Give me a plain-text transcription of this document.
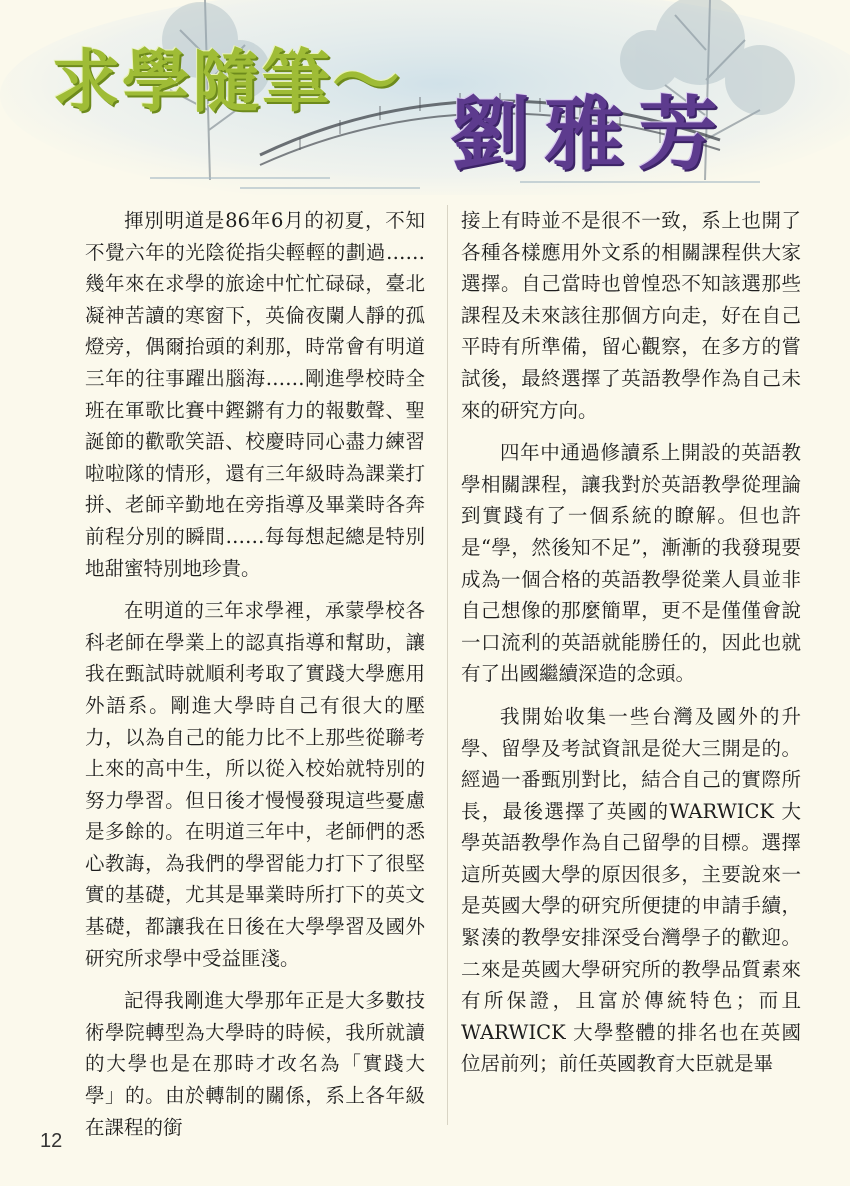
求學隨筆～
劉雅芳

揮別明道是86年6月的初夏，不知不覺六年的光陰從指尖輕輕的劃過……幾年來在求學的旅途中忙忙碌碌，臺北凝神苦讀的寒窗下，英倫夜闌人靜的孤燈旁，偶爾抬頭的剎那，時常會有明道三年的往事躍出腦海……剛進學校時全班在軍歌比賽中鏗鏘有力的報數聲、聖誕節的歡歌笑語、校慶時同心盡力練習啦啦隊的情形，還有三年級時為課業打拼、老師辛勤地在旁指導及畢業時各奔前程分別的瞬間……每每想起總是特別地甜蜜特別地珍貴。

在明道的三年求學裡，承蒙學校各科老師在學業上的認真指導和幫助，讓我在甄試時就順利考取了實踐大學應用外語系。剛進大學時自己有很大的壓力，以為自己的能力比不上那些從聯考上來的高中生，所以從入校始就特別的努力學習。但日後才慢慢發現這些憂慮是多餘的。在明道三年中，老師們的悉心教誨，為我們的學習能力打下了很堅實的基礎，尤其是畢業時所打下的英文基礎，都讓我在日後在大學學習及國外研究所求學中受益匪淺。

記得我剛進大學那年正是大多數技術學院轉型為大學時的時候，我所就讀的大學也是在那時才改名為「實踐大學」的。由於轉制的關係，系上各年級在課程的銜

接上有時並不是很不一致，系上也開了各種各樣應用外文系的相關課程供大家選擇。自己當時也曾惶恐不知該選那些課程及未來該往那個方向走，好在自己平時有所準備，留心觀察，在多方的嘗試後，最終選擇了英語教學作為自己未來的研究方向。

四年中通過修讀系上開設的英語教學相關課程，讓我對於英語教學從理論到實踐有了一個系統的瞭解。但也許是“學，然後知不足”，漸漸的我發現要成為一個合格的英語教學從業人員並非自己想像的那麼簡單，更不是僅僅會說一口流利的英語就能勝任的，因此也就有了出國繼續深造的念頭。

我開始收集一些台灣及國外的升學、留學及考試資訊是從大三開是的。經過一番甄別對比，結合自己的實際所長，最後選擇了英國的WARWICK 大學英語教學作為自己留學的目標。選擇這所英國大學的原因很多，主要說來一是英國大學的研究所便捷的申請手續，緊湊的教學安排深受台灣學子的歡迎。二來是英國大學研究所的教學品質素來有所保證，且富於傳統特色；而且WARWICK 大學整體的排名也在英國位居前列；前任英國教育大臣就是畢

12
